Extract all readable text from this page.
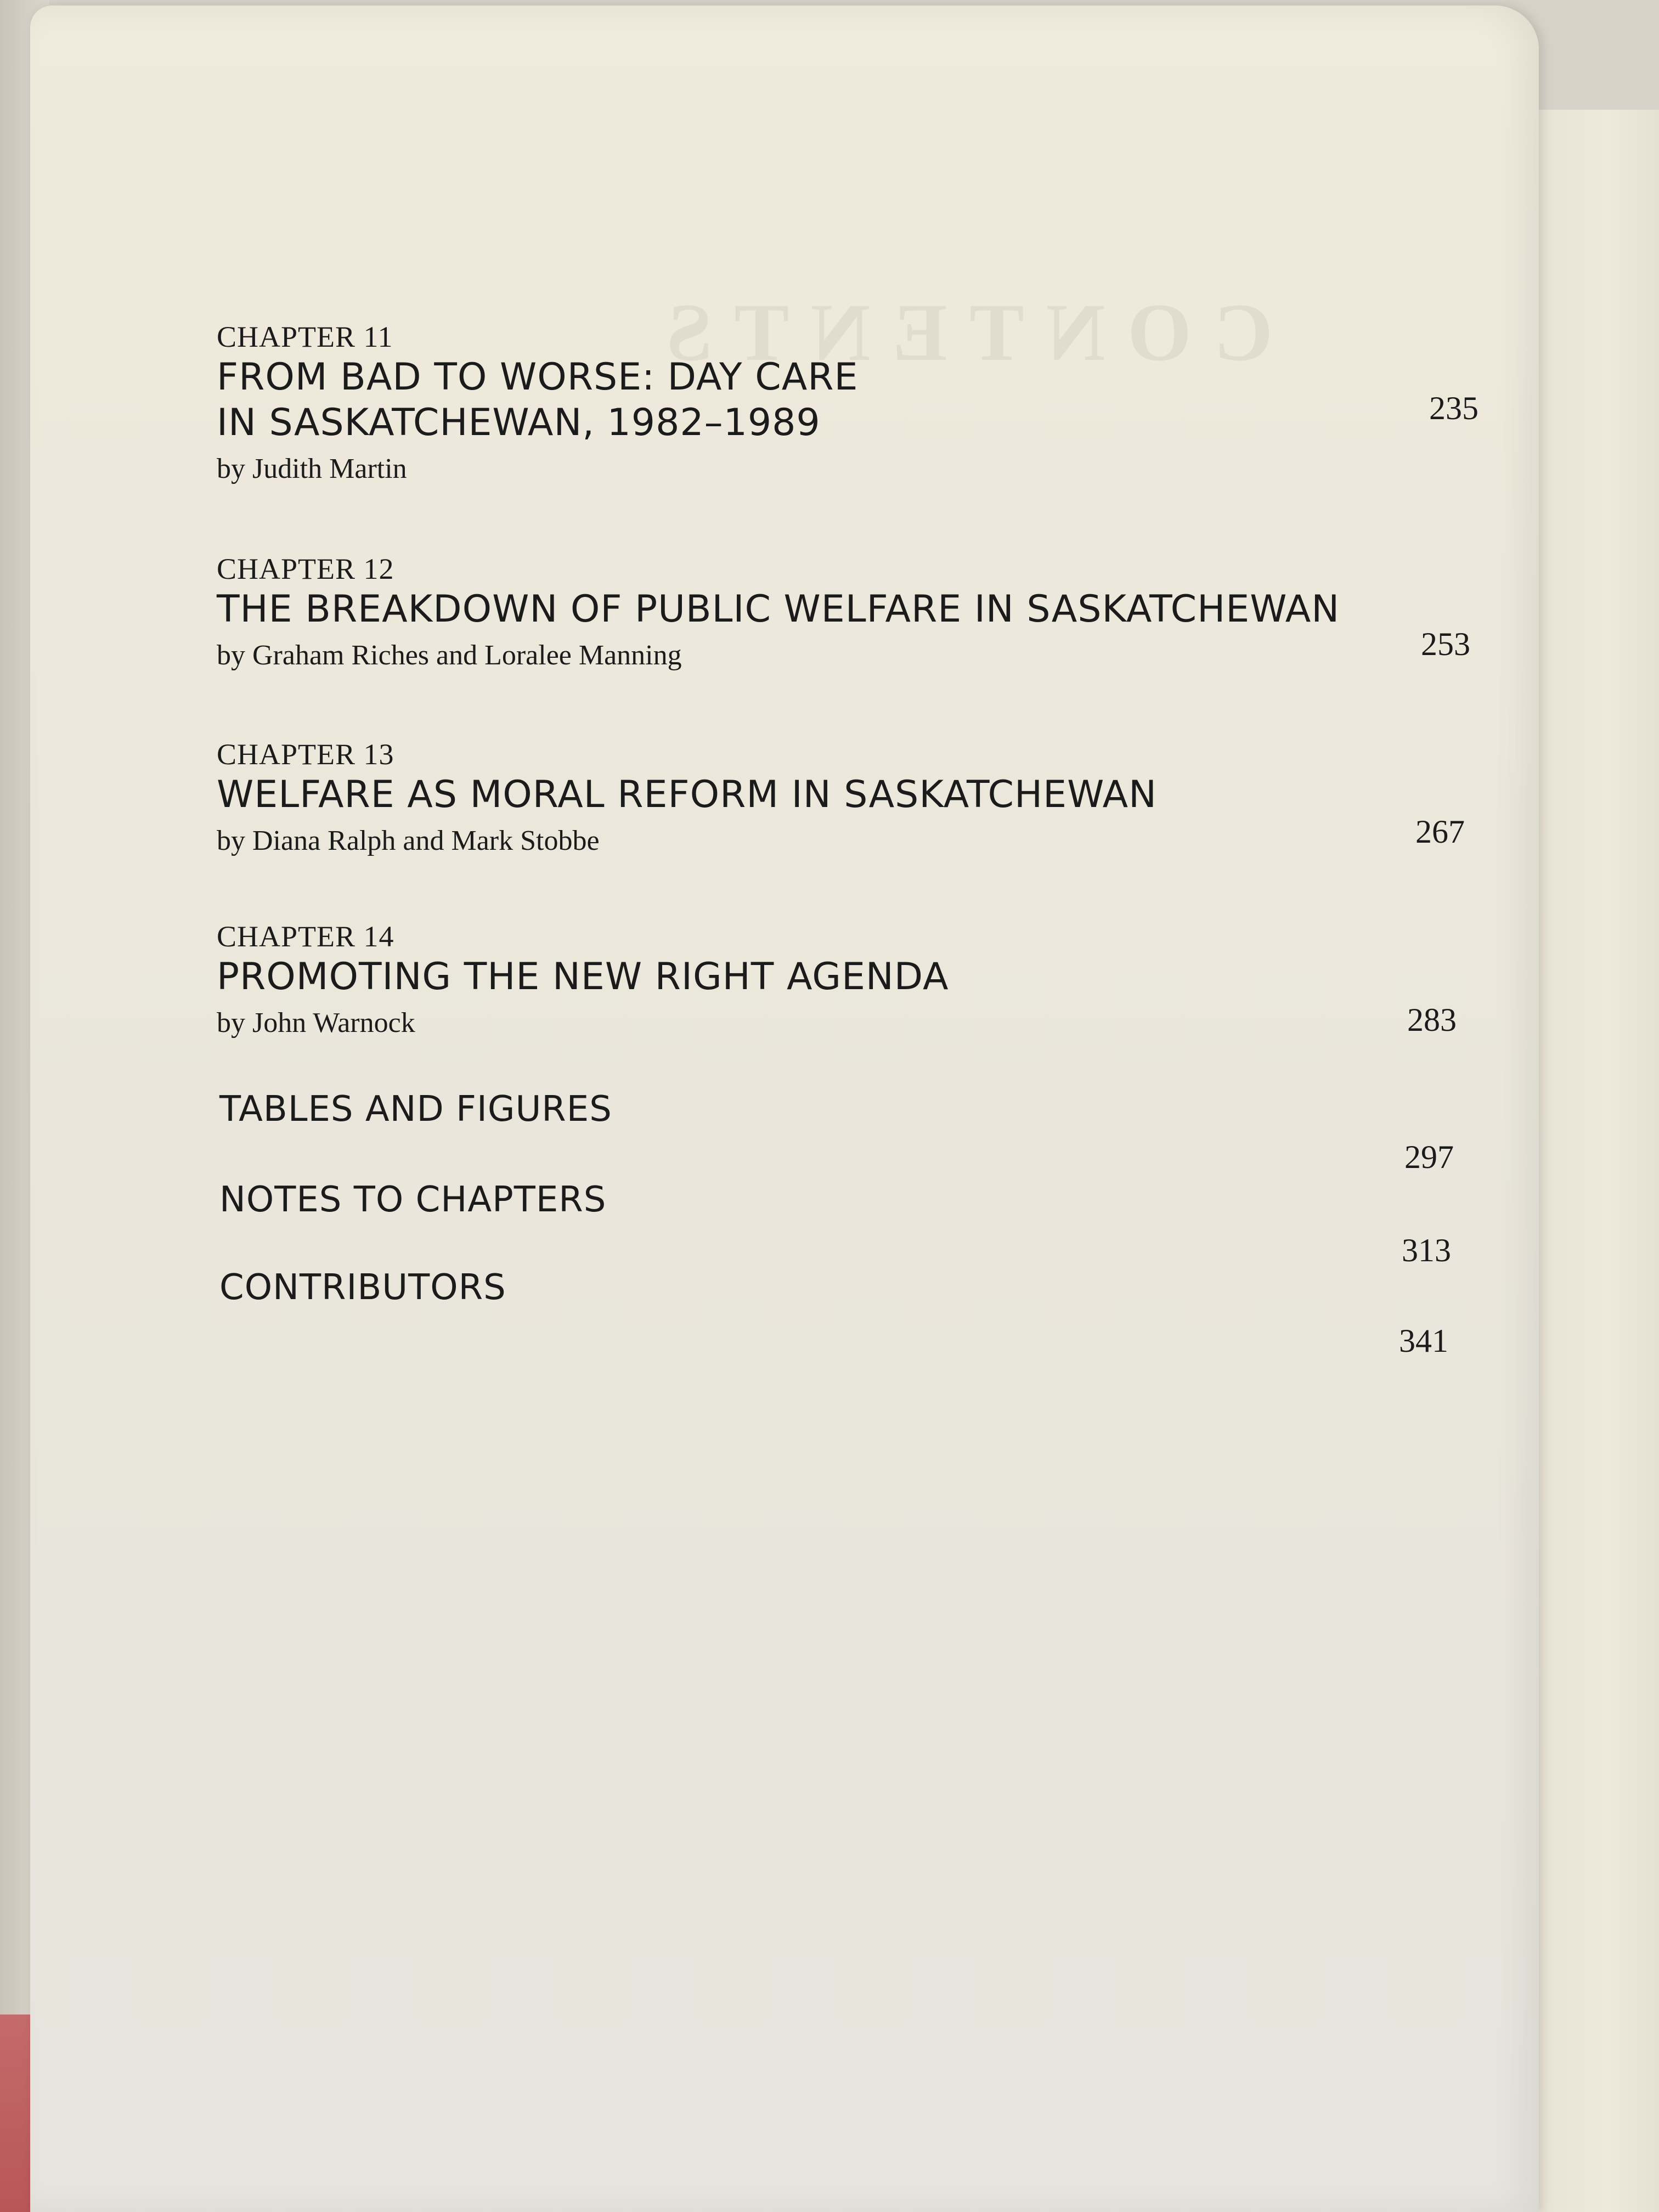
CONTENTS
CHAPTER 11
FROM BAD TO WORSE: DAY CARE
IN SASKATCHEWAN, 1982–1989
by Judith Martin
235
CHAPTER 12
THE BREAKDOWN OF PUBLIC WELFARE IN SASKATCHEWAN
by Graham Riches and Loralee Manning	253
CHAPTER 13
WELFARE AS MORAL REFORM IN SASKATCHEWAN
by Diana Ralph and Mark Stobbe	267
CHAPTER 14
PROMOTING THE NEW RIGHT AGENDA
by John Warnock	283
TABLES AND FIGURES
297
NOTES TO CHAPTERS
313
CONTRIBUTORS
341
